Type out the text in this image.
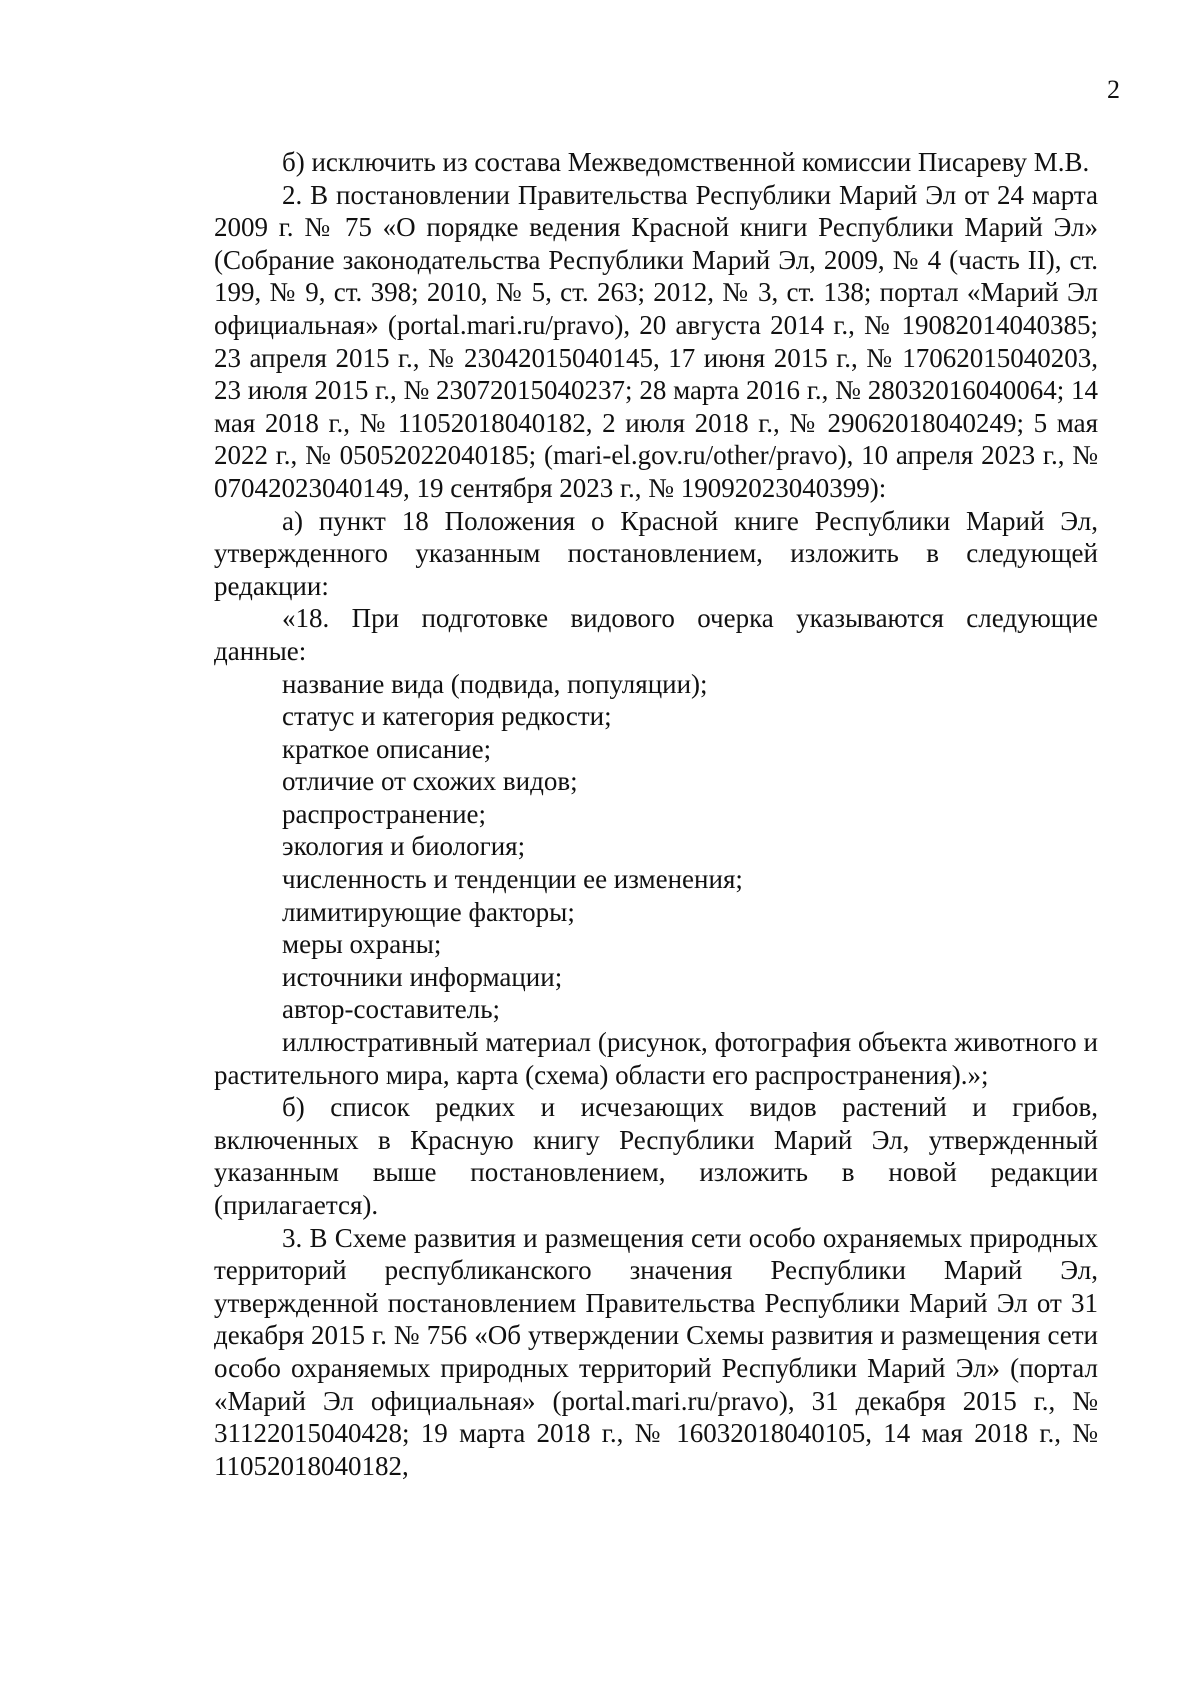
2

б) исключить из состава Межведомственной комиссии Писареву М.В.

2. В постановлении Правительства Республики Марий Эл от 24 марта 2009 г. № 75 «О порядке ведения Красной книги Республики Марий Эл» (Собрание законодательства Республики Марий Эл, 2009, № 4 (часть II), ст. 199, № 9, ст. 398; 2010, № 5, ст. 263; 2012, № 3, ст. 138; портал «Марий Эл официальная» (portal.mari.ru/pravo), 20 августа 2014 г., № 19082014040385; 23 апреля 2015 г., № 23042015040145, 17 июня 2015 г., № 17062015040203, 23 июля 2015 г., № 23072015040237; 28 марта 2016 г., № 28032016040064; 14 мая 2018 г., № 11052018040182, 2 июля 2018 г., № 29062018040249; 5 мая 2022 г., № 05052022040185; (mari-el.gov.ru/other/pravo), 10 апреля 2023 г., № 07042023040149, 19 сентября 2023 г., № 19092023040399):

а) пункт 18 Положения о Красной книге Республики Марий Эл, утвержденного указанным постановлением, изложить в следующей редакции:

«18. При подготовке видового очерка указываются следующие данные:

название вида (подвида, популяции);

статус и категория редкости;

краткое описание;

отличие от схожих видов;

распространение;

экология и биология;

численность и тенденции ее изменения;

лимитирующие факторы;

меры охраны;

источники информации;

автор-составитель;

иллюстративный материал (рисунок, фотография объекта животного и растительного мира, карта (схема) области его распространения).»;

б) список редких и исчезающих видов растений и грибов, включенных в Красную книгу Республики Марий Эл, утвержденный указанным выше постановлением, изложить в новой редакции (прилагается).

3. В Схеме развития и размещения сети особо охраняемых природных территорий республиканского значения Республики Марий Эл, утвержденной постановлением Правительства Республики Марий Эл от 31 декабря 2015 г. № 756 «Об утверждении Схемы развития и размещения сети особо охраняемых природных территорий Республики Марий Эл» (портал «Марий Эл официальная» (portal.mari.ru/pravo), 31 декабря 2015 г., № 31122015040428; 19 марта 2018 г., № 16032018040105, 14 мая 2018 г., № 11052018040182,
